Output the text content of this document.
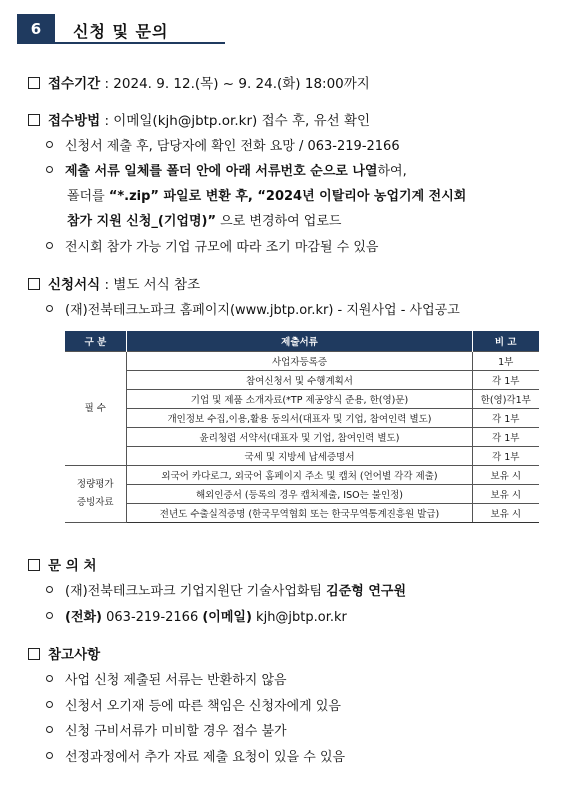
6	신청 및 문의
접수기간 : 2024. 9. 12.(목) ~ 9. 24.(화) 18:00까지
접수방법 : 이메일(kjh@jbtp.or.kr) 접수 후, 유선 확인
신청서 제출 후, 담당자에 확인 전화 요망 / 063-219-2166
제출 서류 일체를 폴더 안에 아래 서류번호 순으로 나열하여,
폴더를 “*.zip” 파일로 변환 후, “2024년 이탈리아 농업기계 전시회
참가 지원 신청_(기업명)” 으로 변경하여 업로드
전시회 참가 가능 기업 규모에 따라 조기 마감될 수 있음
신청서식 : 별도 서식 참조
(재)전북테크노파크 홈페이지(www.jbtp.or.kr) - 지원사업 - 사업공고
구 분	제출서류	비 고
필 수	사업자등록증	1부
	참여신청서 및 수행계획서	각 1부
	기업 및 제품 소개자료(*TP 제공양식 준용, 한(영)문)	한(영)각1부
	개인정보 수집,이용,활용 동의서(대표자 및 기업, 참여인력 별도)	각 1부
	윤리청렴 서약서(대표자 및 기업, 참여인력 별도)	각 1부
	국세 및 지방세 납세증명서	각 1부

정량평가
증빙자료	외국어 카다로그, 외국어 홈페이지 주소 및 캡처 (언어별 각각 제출)	보유 시
	해외인증서 (등록의 경우 캡처제출, ISO는 불인정)	보유 시
	전년도 수출실적증명 (한국무역협회 또는 한국무역통계진흥원 발급)	보유 시
문 의 처
(재)전북테크노파크 기업지원단 기술사업화팀 김준형 연구원
(전화) 063-219-2166 (이메일) kjh@jbtp.or.kr
참고사항
사업 신청 제출된 서류는 반환하지 않음
신청서 오기재 등에 따른 책임은 신청자에게 있음
신청 구비서류가 미비할 경우 접수 불가
선정과정에서 추가 자료 제출 요청이 있을 수 있음
